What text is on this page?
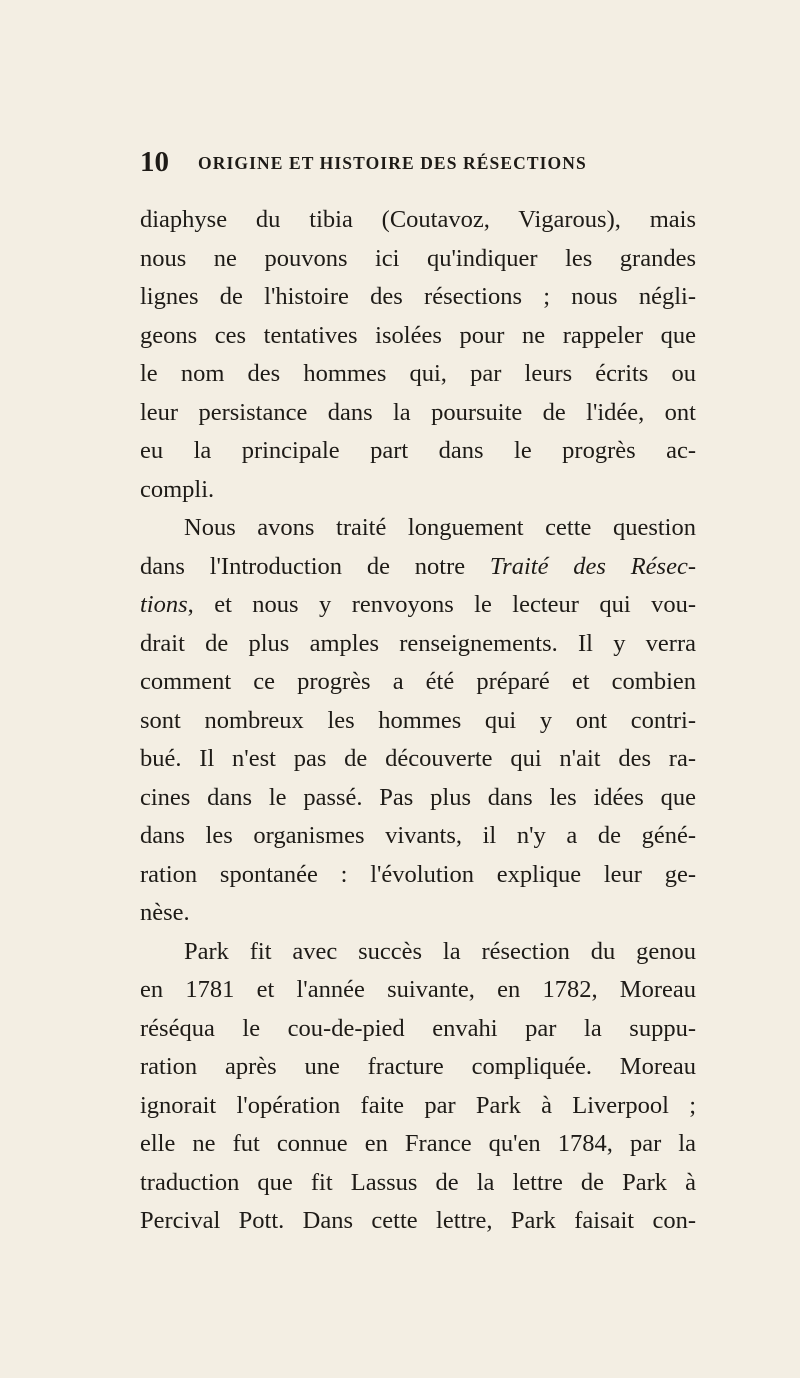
10 ORIGINE ET HISTOIRE DES RÉSECTIONS

diaphyse du tibia (Coutavoz, Vigarous), mais
nous ne pouvons ici qu'indiquer les grandes
lignes de l'histoire des résections ; nous négli-
geons ces tentatives isolées pour ne rappeler que
le nom des hommes qui, par leurs écrits ou
leur persistance dans la poursuite de l'idée, ont
eu la principale part dans le progrès ac-
compli.

Nous avons traité longuement cette question
dans l'Introduction de notre Traité des Résec-
tions, et nous y renvoyons le lecteur qui vou-
drait de plus amples renseignements. Il y verra
comment ce progrès a été préparé et combien
sont nombreux les hommes qui y ont contri-
bué. Il n'est pas de découverte qui n'ait des ra-
cines dans le passé. Pas plus dans les idées que
dans les organismes vivants, il n'y a de géné-
ration spontanée : l'évolution explique leur ge-
nèse.

Park fit avec succès la résection du genou
en 1781 et l'année suivante, en 1782, Moreau
réséqua le cou-de-pied envahi par la suppu-
ration après une fracture compliquée. Moreau
ignorait l'opération faite par Park à Liverpool ;
elle ne fut connue en France qu'en 1784, par la
traduction que fit Lassus de la lettre de Park à
Percival Pott. Dans cette lettre, Park faisait con-
